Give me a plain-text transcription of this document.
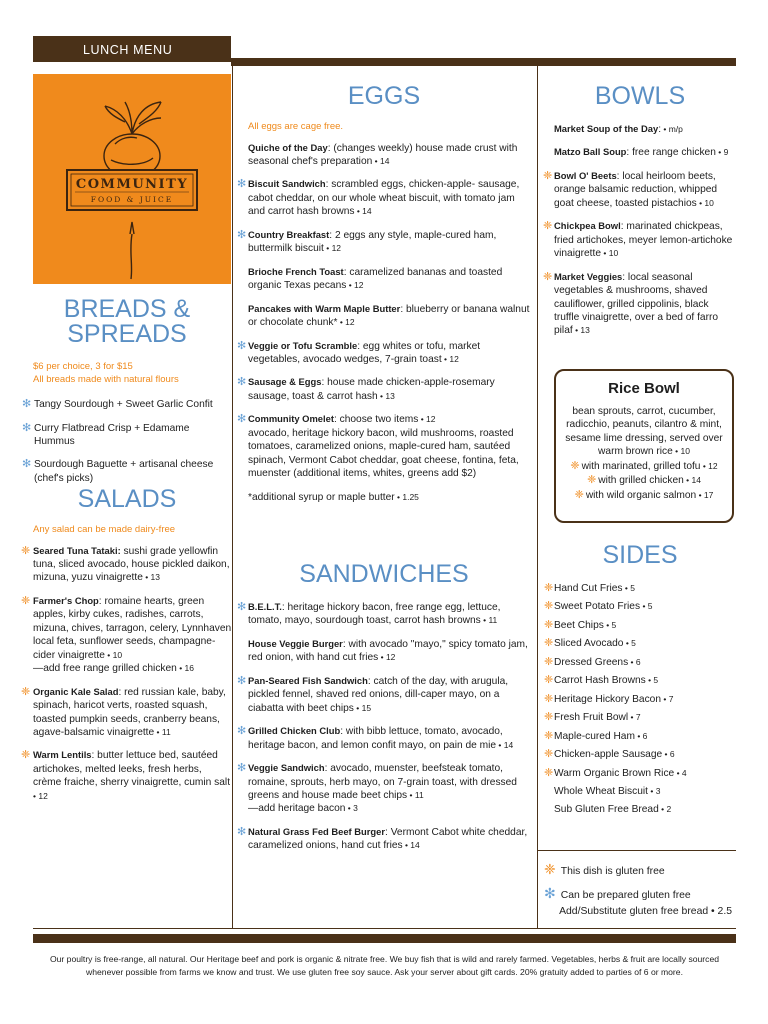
LUNCH MENU
COMMUNITY
FOOD & JUICE
BREADS &
SPREADS
$6 per choice, 3 for $15
All breads made with natural flours
✻ Tangy Sourdough + Sweet Garlic Confit
✻ Curry Flatbread Crisp + Edamame Hummus
✻ Sourdough Baguette + artisanal cheese (chef's picks)
SALADS
Any salad can be made dairy-free
❈ Seared Tuna Tataki: sushi grade yellowfin tuna, sliced avocado, house pickled daikon, mizuna, yuzu vinaigrette • 13
❈ Farmer's Chop: romaine hearts, green apples, kirby cukes, radishes, carrots, mizuna, chives, tarragon, celery, Lynnhaven local feta, sunflower seeds, champagne-cider vinaigrette • 10
—add free range grilled chicken • 16
❈ Organic Kale Salad: red russian kale, baby, spinach, haricot verts, roasted squash, toasted pumpkin seeds, cranberry beans, agave-balsamic vinaigrette • 11
❈ Warm Lentils: butter lettuce bed, sautéed artichokes, melted leeks, fresh herbs, crème fraiche, sherry vinaigrette, cumin salt • 12
EGGS
All eggs are cage free.
Quiche of the Day: (changes weekly) house made crust with seasonal chef's preparation • 14
✻ Biscuit Sandwich: scrambled eggs, chicken-apple- sausage, cabot cheddar, on our whole wheat biscuit, with tomato jam and carrot hash browns • 14
✻ Country Breakfast: 2 eggs any style, maple-cured ham, buttermilk biscuit • 12
Brioche French Toast: caramelized bananas and toasted organic Texas pecans • 12
Pancakes with Warm Maple Butter: blueberry or banana walnut or chocolate chunk* • 12
✻ Veggie or Tofu Scramble: egg whites or tofu, market vegetables, avocado wedges, 7-grain toast • 12
✻ Sausage & Eggs: house made chicken-apple-rosemary sausage, toast & carrot hash • 13
✻ Community Omelet: choose two items • 12
avocado, heritage hickory bacon, wild mushrooms, roasted tomatoes, caramelized onions, maple-cured ham, sautéed spinach, Vermont Cabot cheddar, goat cheese, fontina, feta, muenster (additional items, whites, greens add $2)
*additional syrup or maple butter • 1.25
SANDWICHES
✻ B.E.L.T.: heritage hickory bacon, free range egg, lettuce, tomato, mayo, sourdough toast, carrot hash browns • 11
House Veggie Burger: with avocado "mayo," spicy tomato jam, red onion, with hand cut fries • 12
✻ Pan-Seared Fish Sandwich: catch of the day, with arugula, pickled fennel, shaved red onions, dill-caper mayo, on a ciabatta with beet chips • 15
✻ Grilled Chicken Club: with bibb lettuce, tomato, avocado, heritage bacon, and lemon confit mayo, on pain de mie • 14
✻ Veggie Sandwich: avocado, muenster, beefsteak tomato, romaine, sprouts, herb mayo, on 7-grain toast, with dressed greens and house made beet chips • 11
—add heritage bacon • 3
✻ Natural Grass Fed Beef Burger: Vermont Cabot white cheddar, caramelized onions, hand cut fries • 14
BOWLS
Market Soup of the Day: • m/p
Matzo Ball Soup: free range chicken • 9
❈ Bowl O' Beets: local heirloom beets, orange balsamic reduction, whipped goat cheese, toasted pistachios • 10
❈ Chickpea Bowl: marinated chickpeas, fried artichokes, meyer lemon-artichoke vinaigrette • 10
❈ Market Veggies: local seasonal vegetables & mushrooms, shaved cauliflower, grilled cippolinis, black truffle vinaigrette, over a bed of farro pilaf • 13
Rice Bowl
bean sprouts, carrot, cucumber, radicchio, peanuts, cilantro & mint, sesame lime dressing, served over warm brown rice • 10
❈ with marinated, grilled tofu • 12
❈ with grilled chicken • 14
❈ with wild organic salmon • 17
SIDES
❈ Hand Cut Fries • 5
❈ Sweet Potato Fries • 5
❈ Beet Chips • 5
❈ Sliced Avocado • 5
❈ Dressed Greens • 6
❈ Carrot Hash Browns • 5
❈ Heritage Hickory Bacon • 7
❈ Fresh Fruit Bowl • 7
❈ Maple-cured Ham • 6
❈ Chicken-apple Sausage • 6
❈ Warm Organic Brown Rice • 4
Whole Wheat Biscuit • 3
Sub Gluten Free Bread • 2
❈ This dish is gluten free
✻ Can be prepared gluten free
Add/Substitute gluten free bread • 2.5
Our poultry is free-range, all natural. Our Heritage beef and pork is organic & nitrate free. We buy fish that is wild and rarely farmed. Vegetables, herbs & fruit are locally sourced whenever possible from farms we know and trust. We use gluten free soy sauce. Ask your server about gift cards. 20% gratuity added to parties of 6 or more.
